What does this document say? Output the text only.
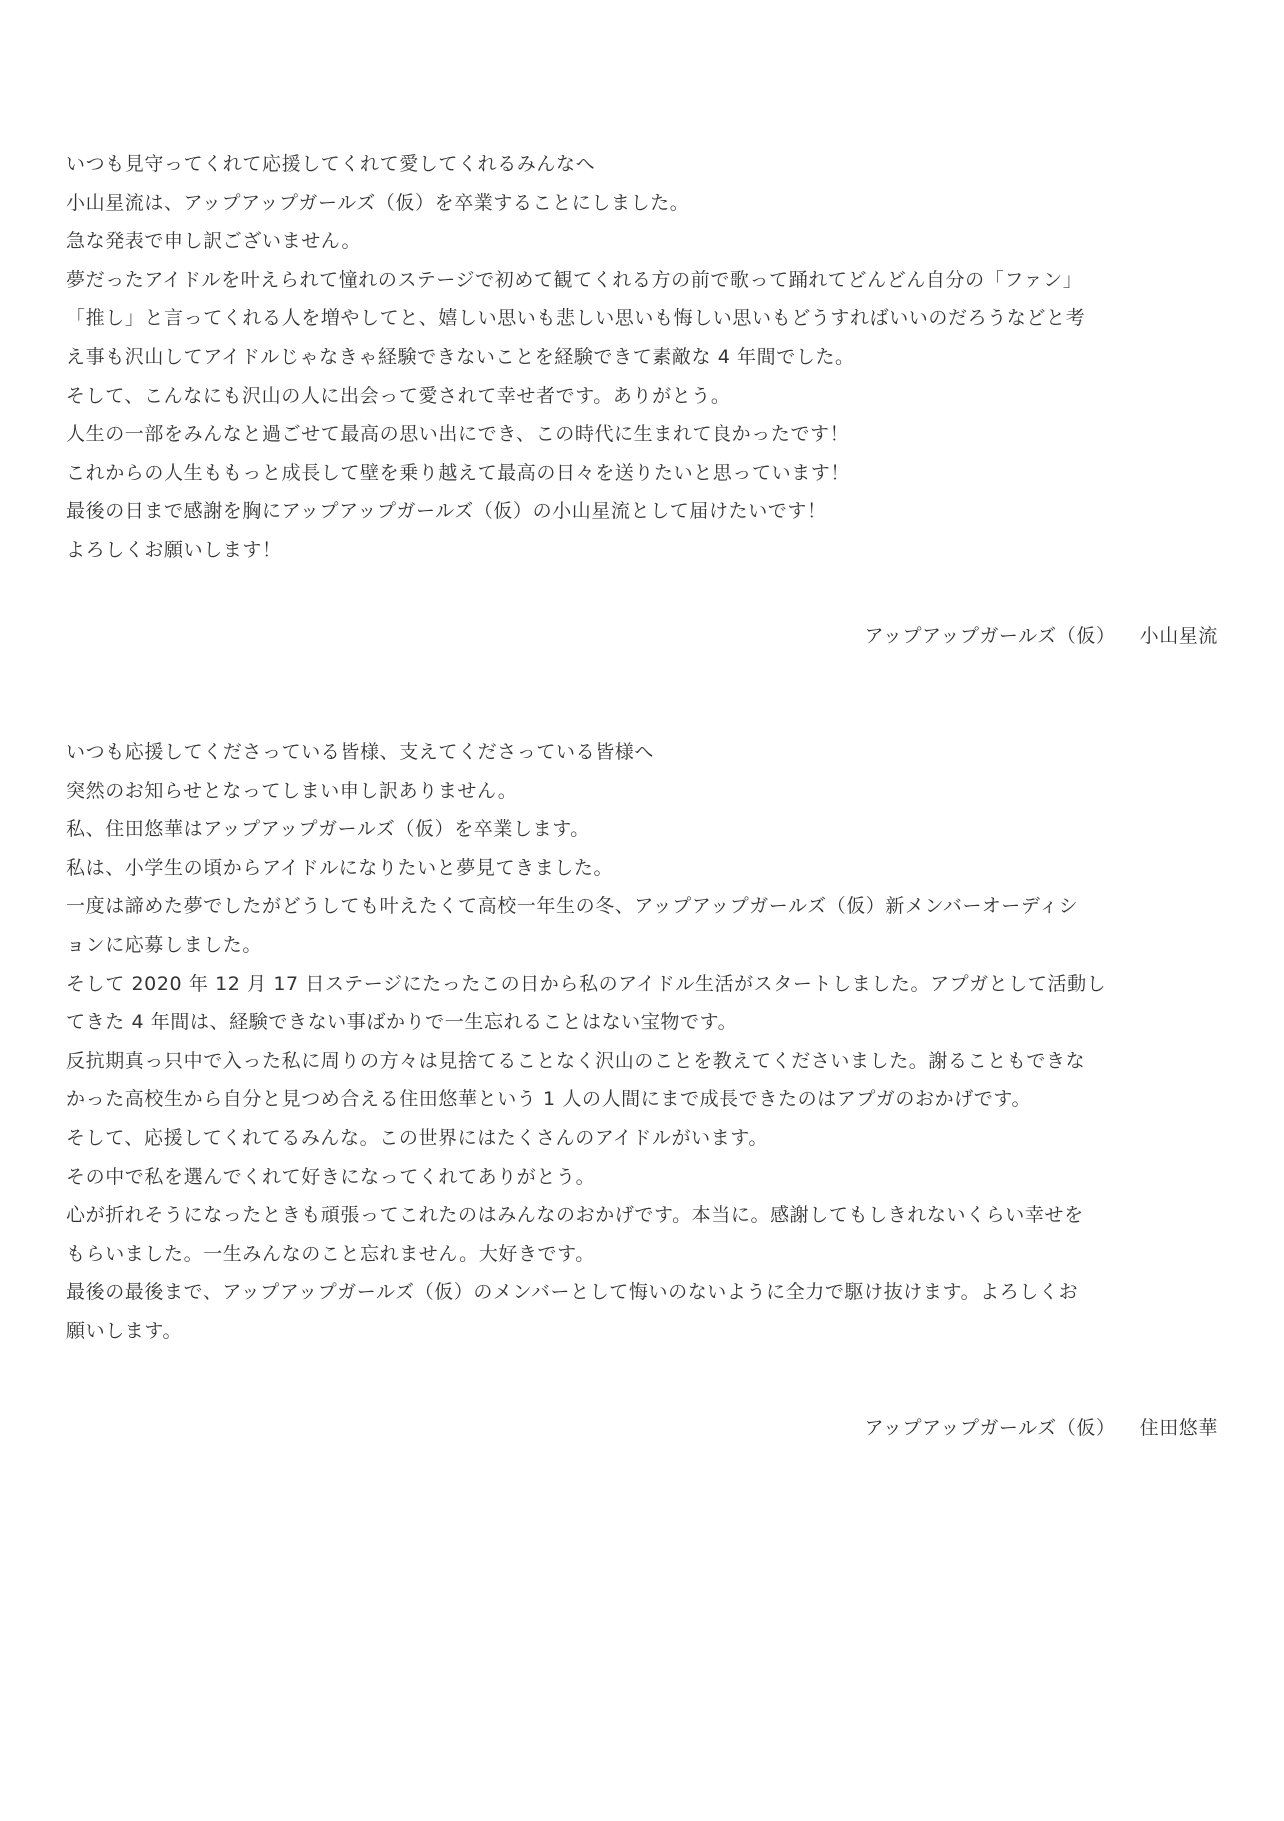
いつも見守ってくれて応援してくれて愛してくれるみんなへ
小山星流は、アップアップガールズ（仮）を卒業することにしました。
急な発表で申し訳ございません。
夢だったアイドルを叶えられて憧れのステージで初めて観てくれる方の前で歌って踊れてどんどん自分の「ファン」
「推し」と言ってくれる人を増やしてと、嬉しい思いも悲しい思いも悔しい思いもどうすればいいのだろうなどと考
え事も沢山してアイドルじゃなきゃ経験できないことを経験できて素敵な 4 年間でした。
そして、こんなにも沢山の人に出会って愛されて幸せ者です。ありがとう。
人生の一部をみんなと過ごせて最高の思い出にでき、この時代に生まれて良かったです！
これからの人生ももっと成長して壁を乗り越えて最高の日々を送りたいと思っています！
最後の日まで感謝を胸にアップアップガールズ（仮）の小山星流として届けたいです！
よろしくお願いします！
アップアップガールズ（仮） 小山星流
いつも応援してくださっている皆様、支えてくださっている皆様へ
突然のお知らせとなってしまい申し訳ありません。
私、住田悠華はアップアップガールズ（仮）を卒業します。
私は、小学生の頃からアイドルになりたいと夢見てきました。
一度は諦めた夢でしたがどうしても叶えたくて高校一年生の冬、アップアップガールズ（仮）新メンバーオーディシ
ョンに応募しました。
そして 2020 年 12 月 17 日ステージにたったこの日から私のアイドル生活がスタートしました。アプガとして活動し
てきた 4 年間は、経験できない事ばかりで一生忘れることはない宝物です。
反抗期真っ只中で入った私に周りの方々は見捨てることなく沢山のことを教えてくださいました。謝ることもできな
かった高校生から自分と見つめ合える住田悠華という 1 人の人間にまで成長できたのはアプガのおかげです。
そして、応援してくれてるみんな。この世界にはたくさんのアイドルがいます。
その中で私を選んでくれて好きになってくれてありがとう。
心が折れそうになったときも頑張ってこれたのはみんなのおかげです。本当に。感謝してもしきれないくらい幸せを
もらいました。一生みんなのこと忘れません。大好きです。
最後の最後まで、アップアップガールズ（仮）のメンバーとして悔いのないように全力で駆け抜けます。よろしくお
願いします。
アップアップガールズ（仮） 住田悠華
